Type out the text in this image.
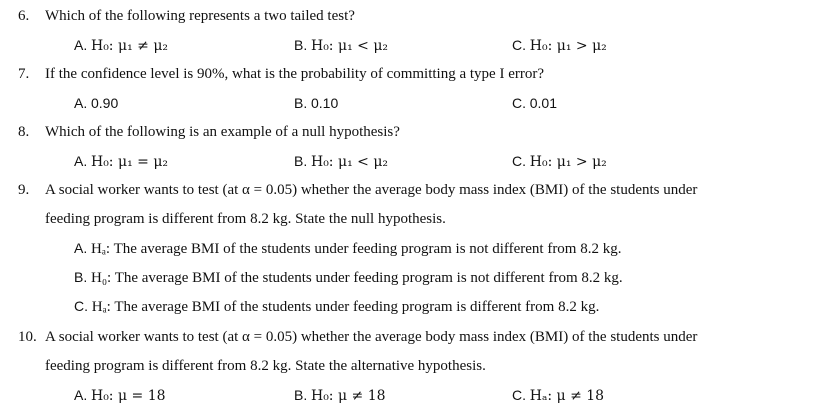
6. Which of the following represents a two tailed test?
A. H₀: μ₁ ≠ μ₂	B. H₀: μ₁ < μ₂	C. H₀: μ₁ > μ₂
7. If the confidence level is 90%, what is the probability of committing a type I error?
A. 0.90	B. 0.10	C. 0.01
8. Which of the following is an example of a null hypothesis?
A. H₀: μ₁ = μ₂	B. H₀: μ₁ < μ₂	C. H₀: μ₁ > μ₂
9. A social worker wants to test (at α = 0.05) whether the average body mass index (BMI) of the students under
feeding program is different from 8.2 kg. State the null hypothesis.
A. Hₐ: The average BMI of the students under feeding program is not different from 8.2 kg.
B. H₀: The average BMI of the students under feeding program is not different from 8.2 kg.
C. Hₐ: The average BMI of the students under feeding program is different from 8.2 kg.
10. A social worker wants to test (at α = 0.05) whether the average body mass index (BMI) of the students under
feeding program is different from 8.2 kg. State the alternative hypothesis.
A. H₀: μ = 18	B. H₀: μ ≠ 18	C. Hₐ: μ ≠ 18
